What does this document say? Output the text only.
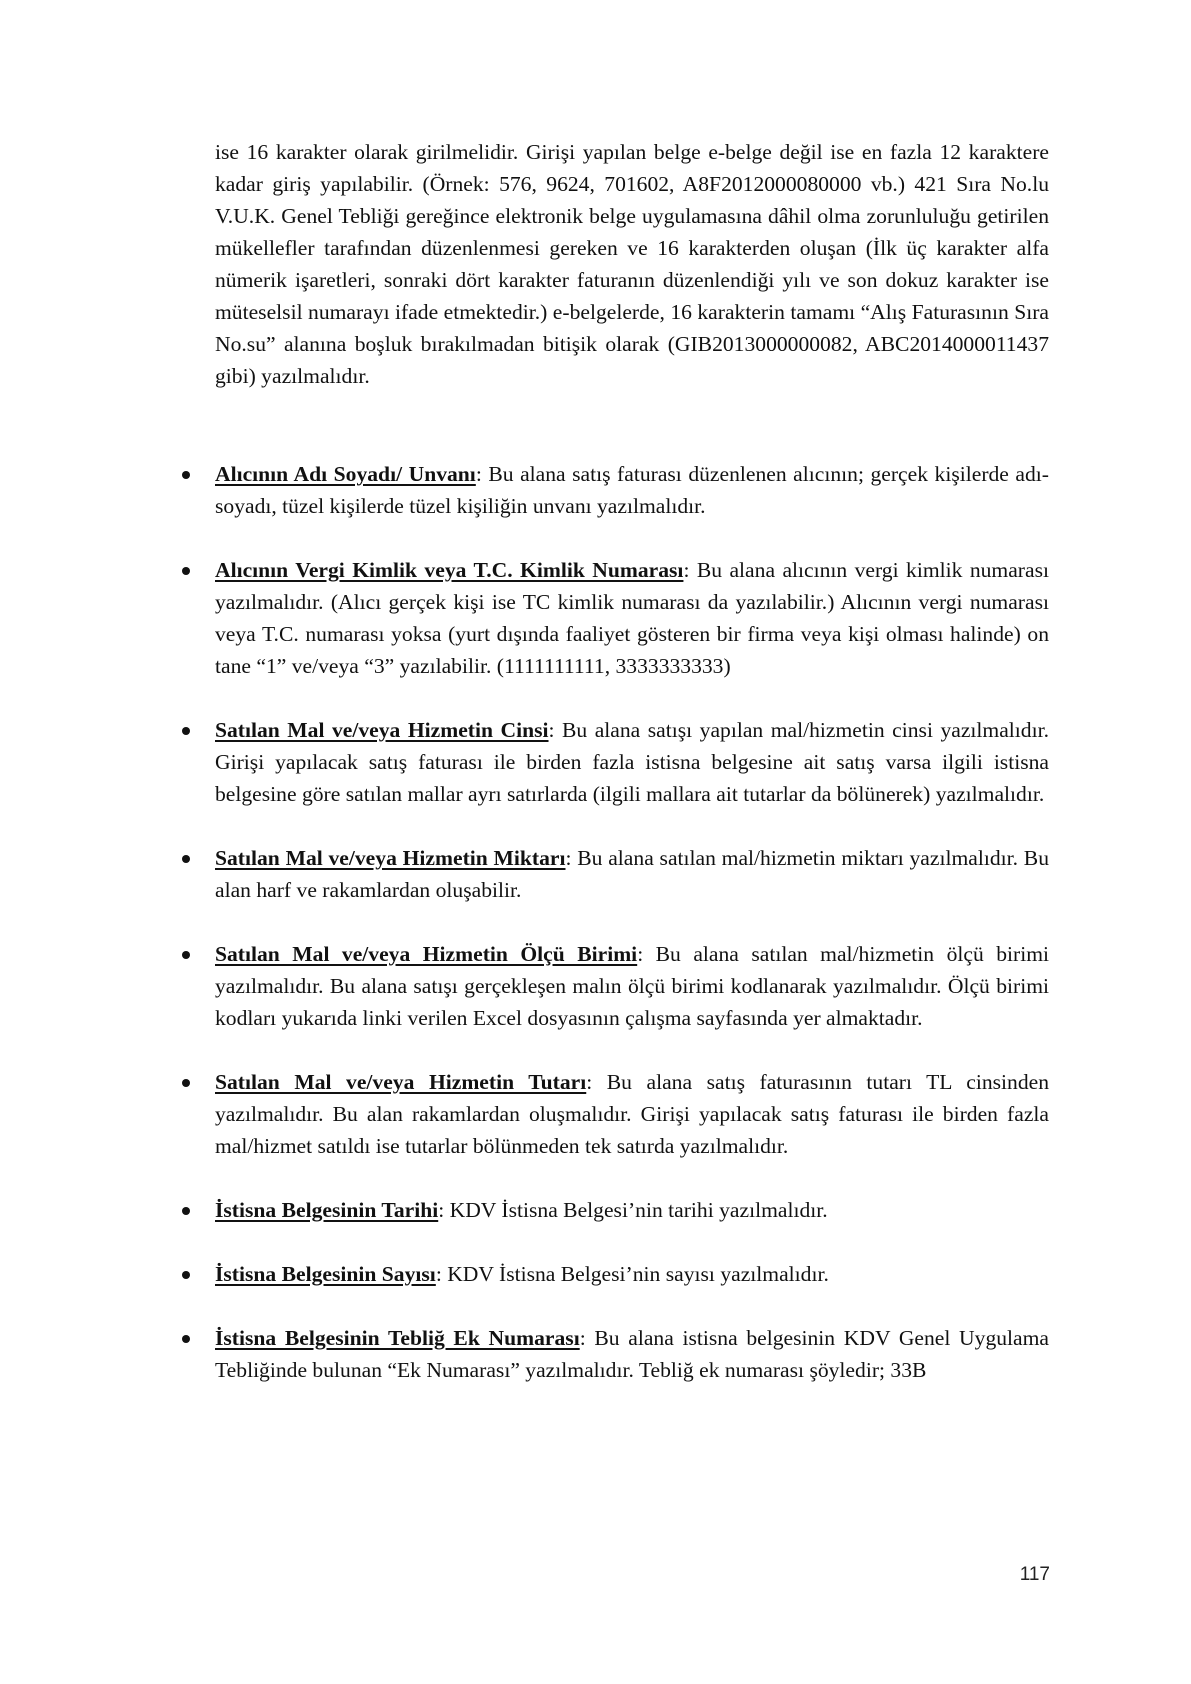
ise 16 karakter olarak girilmelidir. Girişi yapılan belge e-belge değil ise en fazla 12 karaktere kadar giriş yapılabilir. (Örnek: 576, 9624, 701602, A8F2012000080000 vb.) 421 Sıra No.lu V.U.K. Genel Tebliği gereğince elektronik belge uygulamasına dâhil olma zorunluluğu getirilen mükellefler tarafından düzenlenmesi gereken ve 16 karakterden oluşan (İlk üç karakter alfa nümerik işaretleri, sonraki dört karakter faturanın düzenlendiği yılı ve son dokuz karakter ise müteselsil numarayı ifade etmektedir.) e-belgelerde, 16 karakterin tamamı “Alış Faturasının Sıra No.su” alanına boşluk bırakılmadan bitişik olarak (GIB2013000000082, ABC2014000011437 gibi) yazılmalıdır.

Alıcının Adı Soyadı/ Unvanı: Bu alana satış faturası düzenlenen alıcının; gerçek kişilerde adı-soyadı, tüzel kişilerde tüzel kişiliğin unvanı yazılmalıdır.
Alıcının Vergi Kimlik veya T.C. Kimlik Numarası: Bu alana alıcının vergi kimlik numarası yazılmalıdır. (Alıcı gerçek kişi ise TC kimlik numarası da yazılabilir.) Alıcının vergi numarası veya T.C. numarası yoksa (yurt dışında faaliyet gösteren bir firma veya kişi olması halinde) on tane “1” ve/veya “3” yazılabilir. (1111111111, 3333333333)
Satılan Mal ve/veya Hizmetin Cinsi: Bu alana satışı yapılan mal/hizmetin cinsi yazılmalıdır. Girişi yapılacak satış faturası ile birden fazla istisna belgesine ait satış varsa ilgili istisna belgesine göre satılan mallar ayrı satırlarda (ilgili mallara ait tutarlar da bölünerek) yazılmalıdır.
Satılan Mal ve/veya Hizmetin Miktarı: Bu alana satılan mal/hizmetin miktarı yazılmalıdır. Bu alan harf ve rakamlardan oluşabilir.
Satılan Mal ve/veya Hizmetin Ölçü Birimi: Bu alana satılan mal/hizmetin ölçü birimi yazılmalıdır. Bu alana satışı gerçekleşen malın ölçü birimi kodlanarak yazılmalıdır. Ölçü birimi kodları yukarıda linki verilen Excel dosyasının çalışma sayfasında yer almaktadır.
Satılan Mal ve/veya Hizmetin Tutarı: Bu alana satış faturasının tutarı TL cinsinden yazılmalıdır. Bu alan rakamlardan oluşmalıdır. Girişi yapılacak satış faturası ile birden fazla mal/hizmet satıldı ise tutarlar bölünmeden tek satırda yazılmalıdır.
İstisna Belgesinin Tarihi: KDV İstisna Belgesi’nin tarihi yazılmalıdır.
İstisna Belgesinin Sayısı: KDV İstisna Belgesi’nin sayısı yazılmalıdır.
İstisna Belgesinin Tebliğ Ek Numarası: Bu alana istisna belgesinin KDV Genel Uygulama Tebliğinde bulunan “Ek Numarası” yazılmalıdır. Tebliğ ek numarası şöyledir; 33B
117
